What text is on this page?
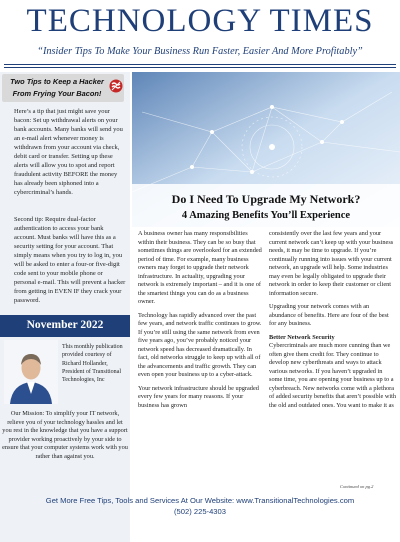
TECHNOLOGY TIMES
“Insider Tips To Make Your Business Run Faster, Easier And More Profitably”
Two Tips to Keep a Hacker From Frying Your Bacon!
Here’s a tip that just might save your bacon: Set up withdrawal alerts on your bank accounts. Many banks will send you an e-mail alert whenever money is withdrawn from your account via check, debit card or transfer. Setting up these alerts will allow you to spot and report fraudulent activity BEFORE the money has already been siphoned into a cybercriminal’s hands.
Second tip: Require dual-factor authentication to access your bank account. Must banks will have this as a security setting for your account. That simply means when you try to log in, you will be asked to enter a four-or five-digit code sent to your mobile phone or personal e-mail. This will prevent a hacker from getting in EVEN IF they crack your password.
November 2022
This monthly publication provided courtesy of Richard Hollander, President of Transitional Technologies, Inc
Our Mission: To simplify your IT network, relieve you of your technology hassles and let you rest in the knowledge that you have a support provider working proactively by your side to ensure that your computer systems work with you rather than against you.
Do I Need To Upgrade My Network?
4 Amazing Benefits You’ll Experience

A business owner has many responsibilities within their business. They can be so busy that sometimes things are overlooked for an extended period of time. For example, many business owners may forget to upgrade their network infrastructure. In actuality, upgrading your network is extremely important – and it is one of the smartest things you can do as a business owner.

Technology has rapidly advanced over the past few years, and network traffic continues to grow. If you’re still using the same network from even five years ago, you’ve probably noticed your network speed has decreased dramatically. In fact, old networks struggle to keep up with all of the advancements and traffic growth. They can even open your business up to a cyber-attack.

Your network infrastructure should be upgraded every few years for many reasons. If your business has grown

consistently over the last few years and your current network can’t keep up with your business needs, it may be time to upgrade. If you’re continually running into issues with your current network, an upgrade will help. Some industries may even be legally obligated to upgrade their network in order to keep their customer or client information secure.

Upgrading your network comes with an abundance of benefits. Here are four of the best for any business.

Better Network Security

Cybercriminals are much more cunning than we often give them credit for. They continue to develop new cyberthreats and ways to attack various networks. If you haven’t upgraded in some time, you are opening your business up to a cyberbreach. New networks come with a plethora of added security benefits that aren’t possible with the old and outdated ones. You want to make it as

Continued on pg.2
Get More Free Tips, Tools and Services At Our Website: www.TransitionalTechnologies.com
(502) 225-4303
